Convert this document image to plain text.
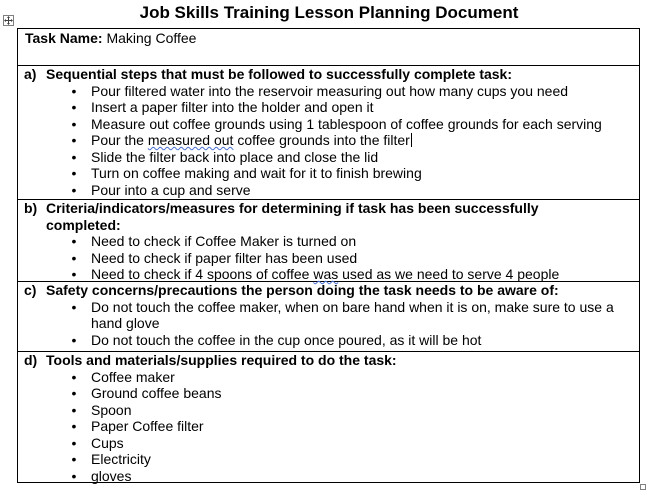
Job Skills Training Lesson Planning Document
Task Name: Making Coffee
a) Sequential steps that must be followed to successfully complete task:
• Pour filtered water into the reservoir measuring out how many cups you need
• Insert a paper filter into the holder and open it
• Measure out coffee grounds using 1 tablespoon of coffee grounds for each serving
• Pour the measured out coffee grounds into the filter
• Slide the filter back into place and close the lid
• Turn on coffee making and wait for it to finish brewing
• Pour into a cup and serve
b) Criteria/indicators/measures for determining if task has been successfully completed:
• Need to check if Coffee Maker is turned on
• Need to check if paper filter has been used
• Need to check if 4 spoons of coffee was used as we need to serve 4 people
c) Safety concerns/precautions the person doing the task needs to be aware of:
• Do not touch the coffee maker, when on bare hand when it is on, make sure to use a hand glove
• Do not touch the coffee in the cup once poured, as it will be hot
d) Tools and materials/supplies required to do the task:
• Coffee maker
• Ground coffee beans
• Spoon
• Paper Coffee filter
• Cups
• Electricity
• gloves
